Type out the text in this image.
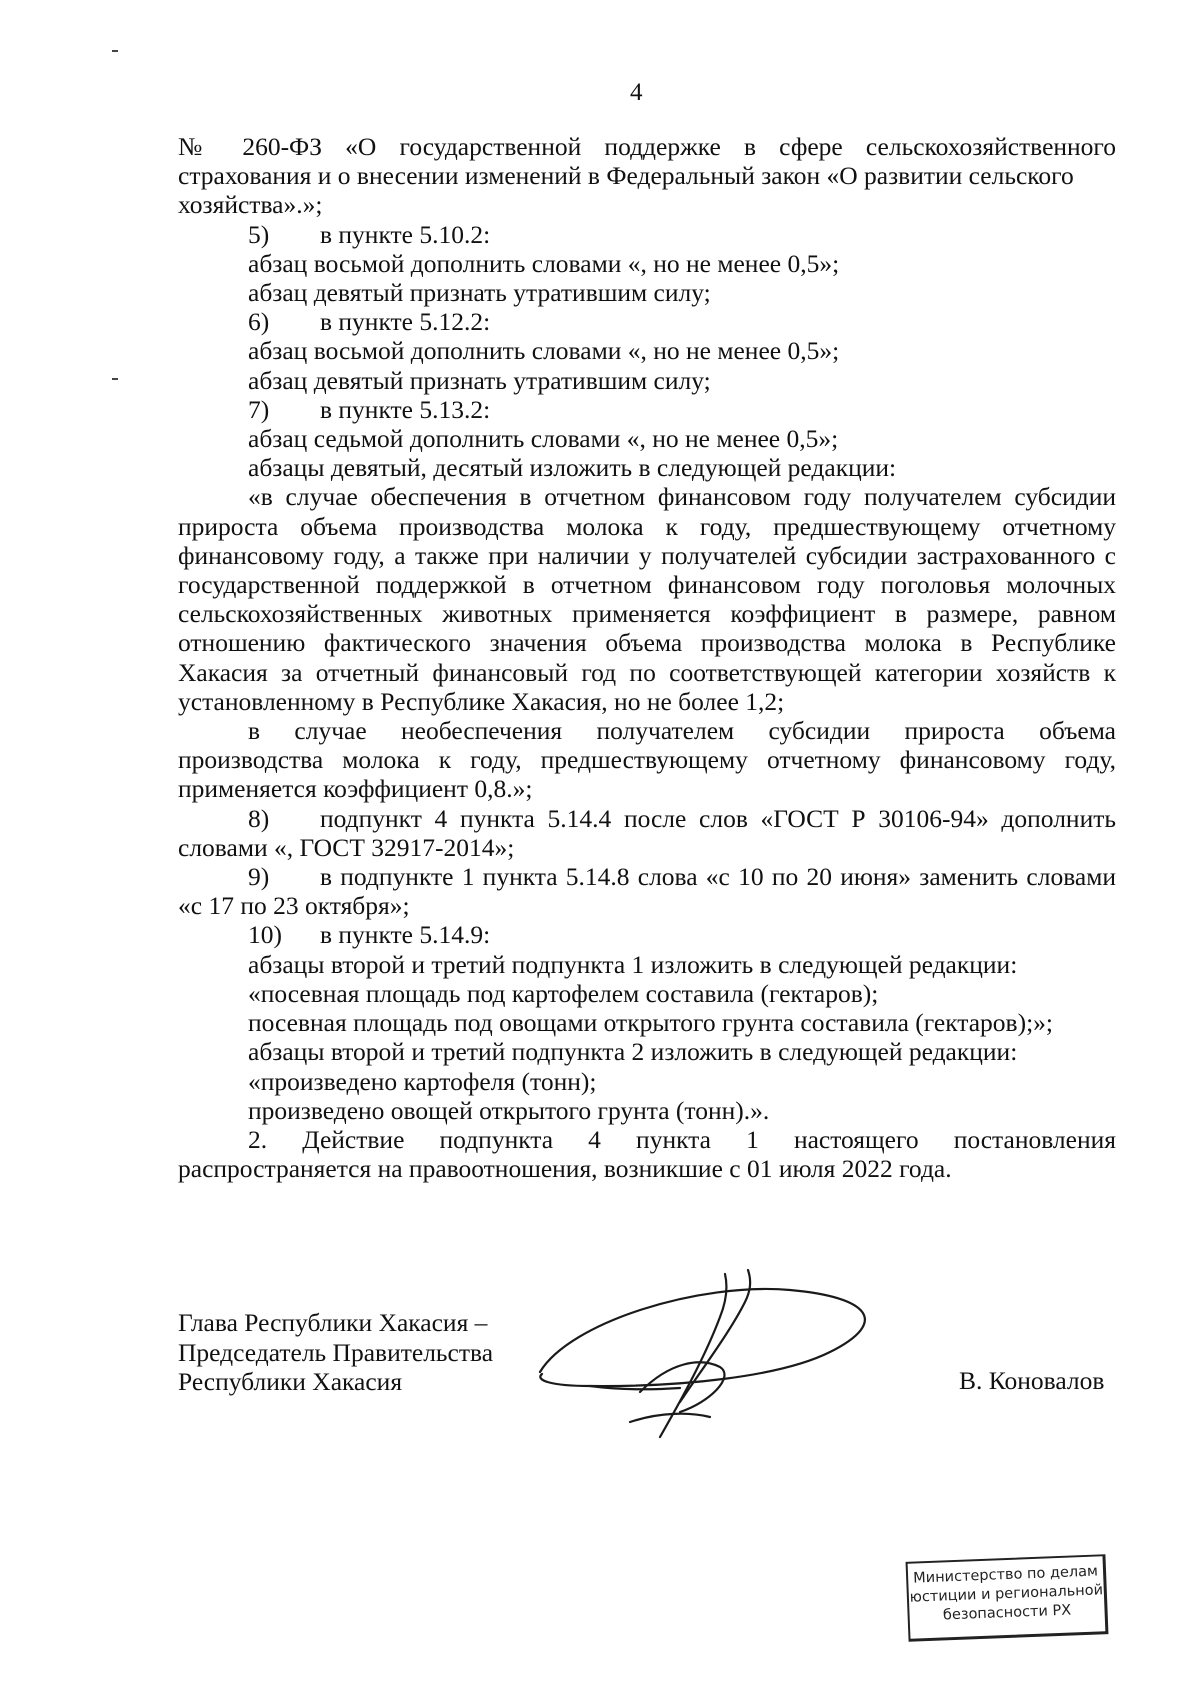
4

№ 260-ФЗ «О государственной поддержке в сфере сельскохозяйственного

страхования и о внесении изменений в Федеральный закон «О развитии сельского

хозяйства».»;

5) в пункте 5.10.2:

абзац восьмой дополнить словами «, но не менее 0,5»;

абзац девятый признать утратившим силу;

6) в пункте 5.12.2:

абзац восьмой дополнить словами «, но не менее 0,5»;

абзац девятый признать утратившим силу;

7) в пункте 5.13.2:

абзац седьмой дополнить словами «, но не менее 0,5»;

абзацы девятый, десятый изложить в следующей редакции:

«в случае обеспечения в отчетном финансовом году получателем субсидии

прироста объема производства молока к году, предшествующему отчетному

финансовому году, а также при наличии у получателей субсидии застрахованного с

государственной поддержкой в отчетном финансовом году поголовья молочных

сельскохозяйственных животных применяется коэффициент в размере, равном

отношению фактического значения объема производства молока в Республике

Хакасия за отчетный финансовый год по соответствующей категории хозяйств к

установленному в Республике Хакасия, но не более 1,2;

в случае необеспечения получателем субсидии прироста объема

производства молока к году, предшествующему отчетному финансовому году,

применяется коэффициент 0,8.»;

8) подпункт 4 пункта 5.14.4 после слов «ГОСТ Р 30106-94» дополнить

словами «, ГОСТ 32917-2014»;

9) в подпункте 1 пункта 5.14.8 слова «с 10 по 20 июня» заменить словами

«с 17 по 23 октября»;

10) в пункте 5.14.9:

абзацы второй и третий подпункта 1 изложить в следующей редакции:

«посевная площадь под картофелем составила (гектаров);

посевная площадь под овощами открытого грунта составила (гектаров);»;

абзацы второй и третий подпункта 2 изложить в следующей редакции:

«произведено картофеля (тонн);

произведено овощей открытого грунта (тонн).».

2. Действие подпункта 4 пункта 1 настоящего постановления

распространяется на правоотношения, возникшие с 01 июля 2022 года.

Глава Республики Хакасия –

Председатель Правительства

Республики Хакасия	В. Коновалов
Министерство по делам
юстиции и региональной
безопасности РХ
